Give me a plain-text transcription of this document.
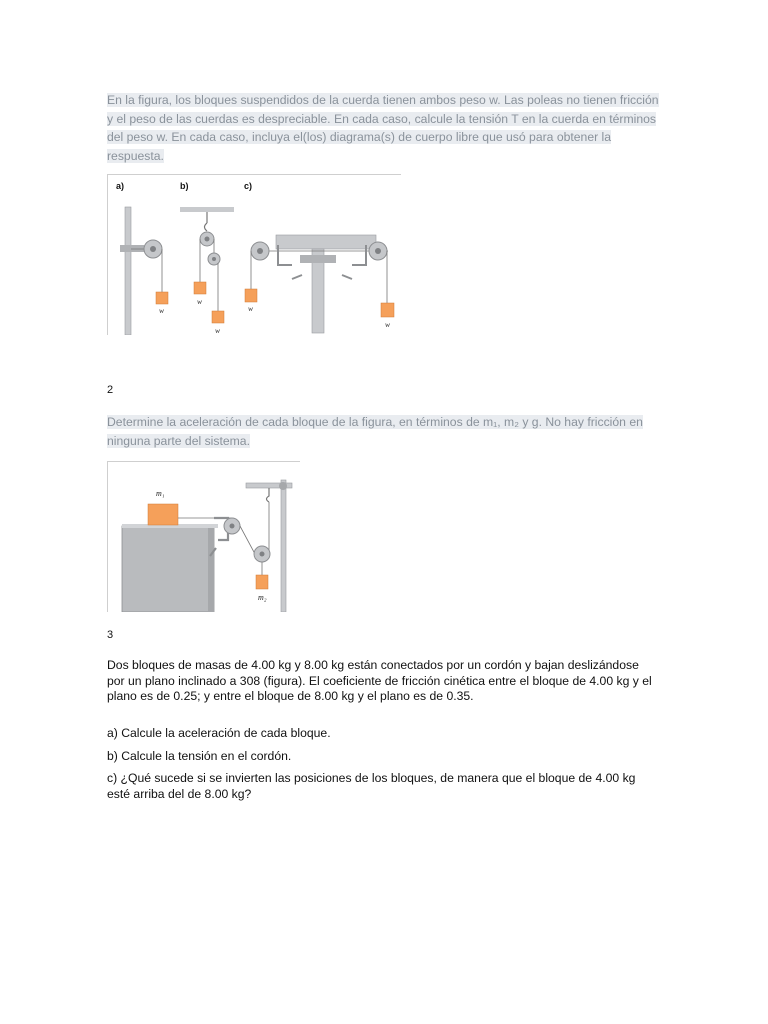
En la figura, los bloques suspendidos de la cuerda tienen ambos peso w. Las poleas no tienen fricción y el peso de las cuerdas es despreciable. En cada caso, calcule la tensión T en la cuerda en términos del peso w. En cada caso, incluya el(los) diagrama(s) de cuerpo libre que usó para obtener la respuesta.
a)	b)	c)
w
w
w
w
w
2
Determine la aceleración de cada bloque de la figura, en términos de m₁, m₂ y g. No hay fricción en ninguna parte del sistema.
m₁
m₂
3
Dos bloques de masas de 4.00 kg y 8.00 kg están conectados por un cordón y bajan deslizándose por un plano inclinado a 308 (figura). El coeficiente de fricción cinética entre el bloque de 4.00 kg y el plano es de 0.25; y entre el bloque de 8.00 kg y el plano es de 0.35.
a) Calcule la aceleración de cada bloque.
b) Calcule la tensión en el cordón.
c) ¿Qué sucede si se invierten las posiciones de los bloques, de manera que el bloque de 4.00 kg esté arriba del de 8.00 kg?
